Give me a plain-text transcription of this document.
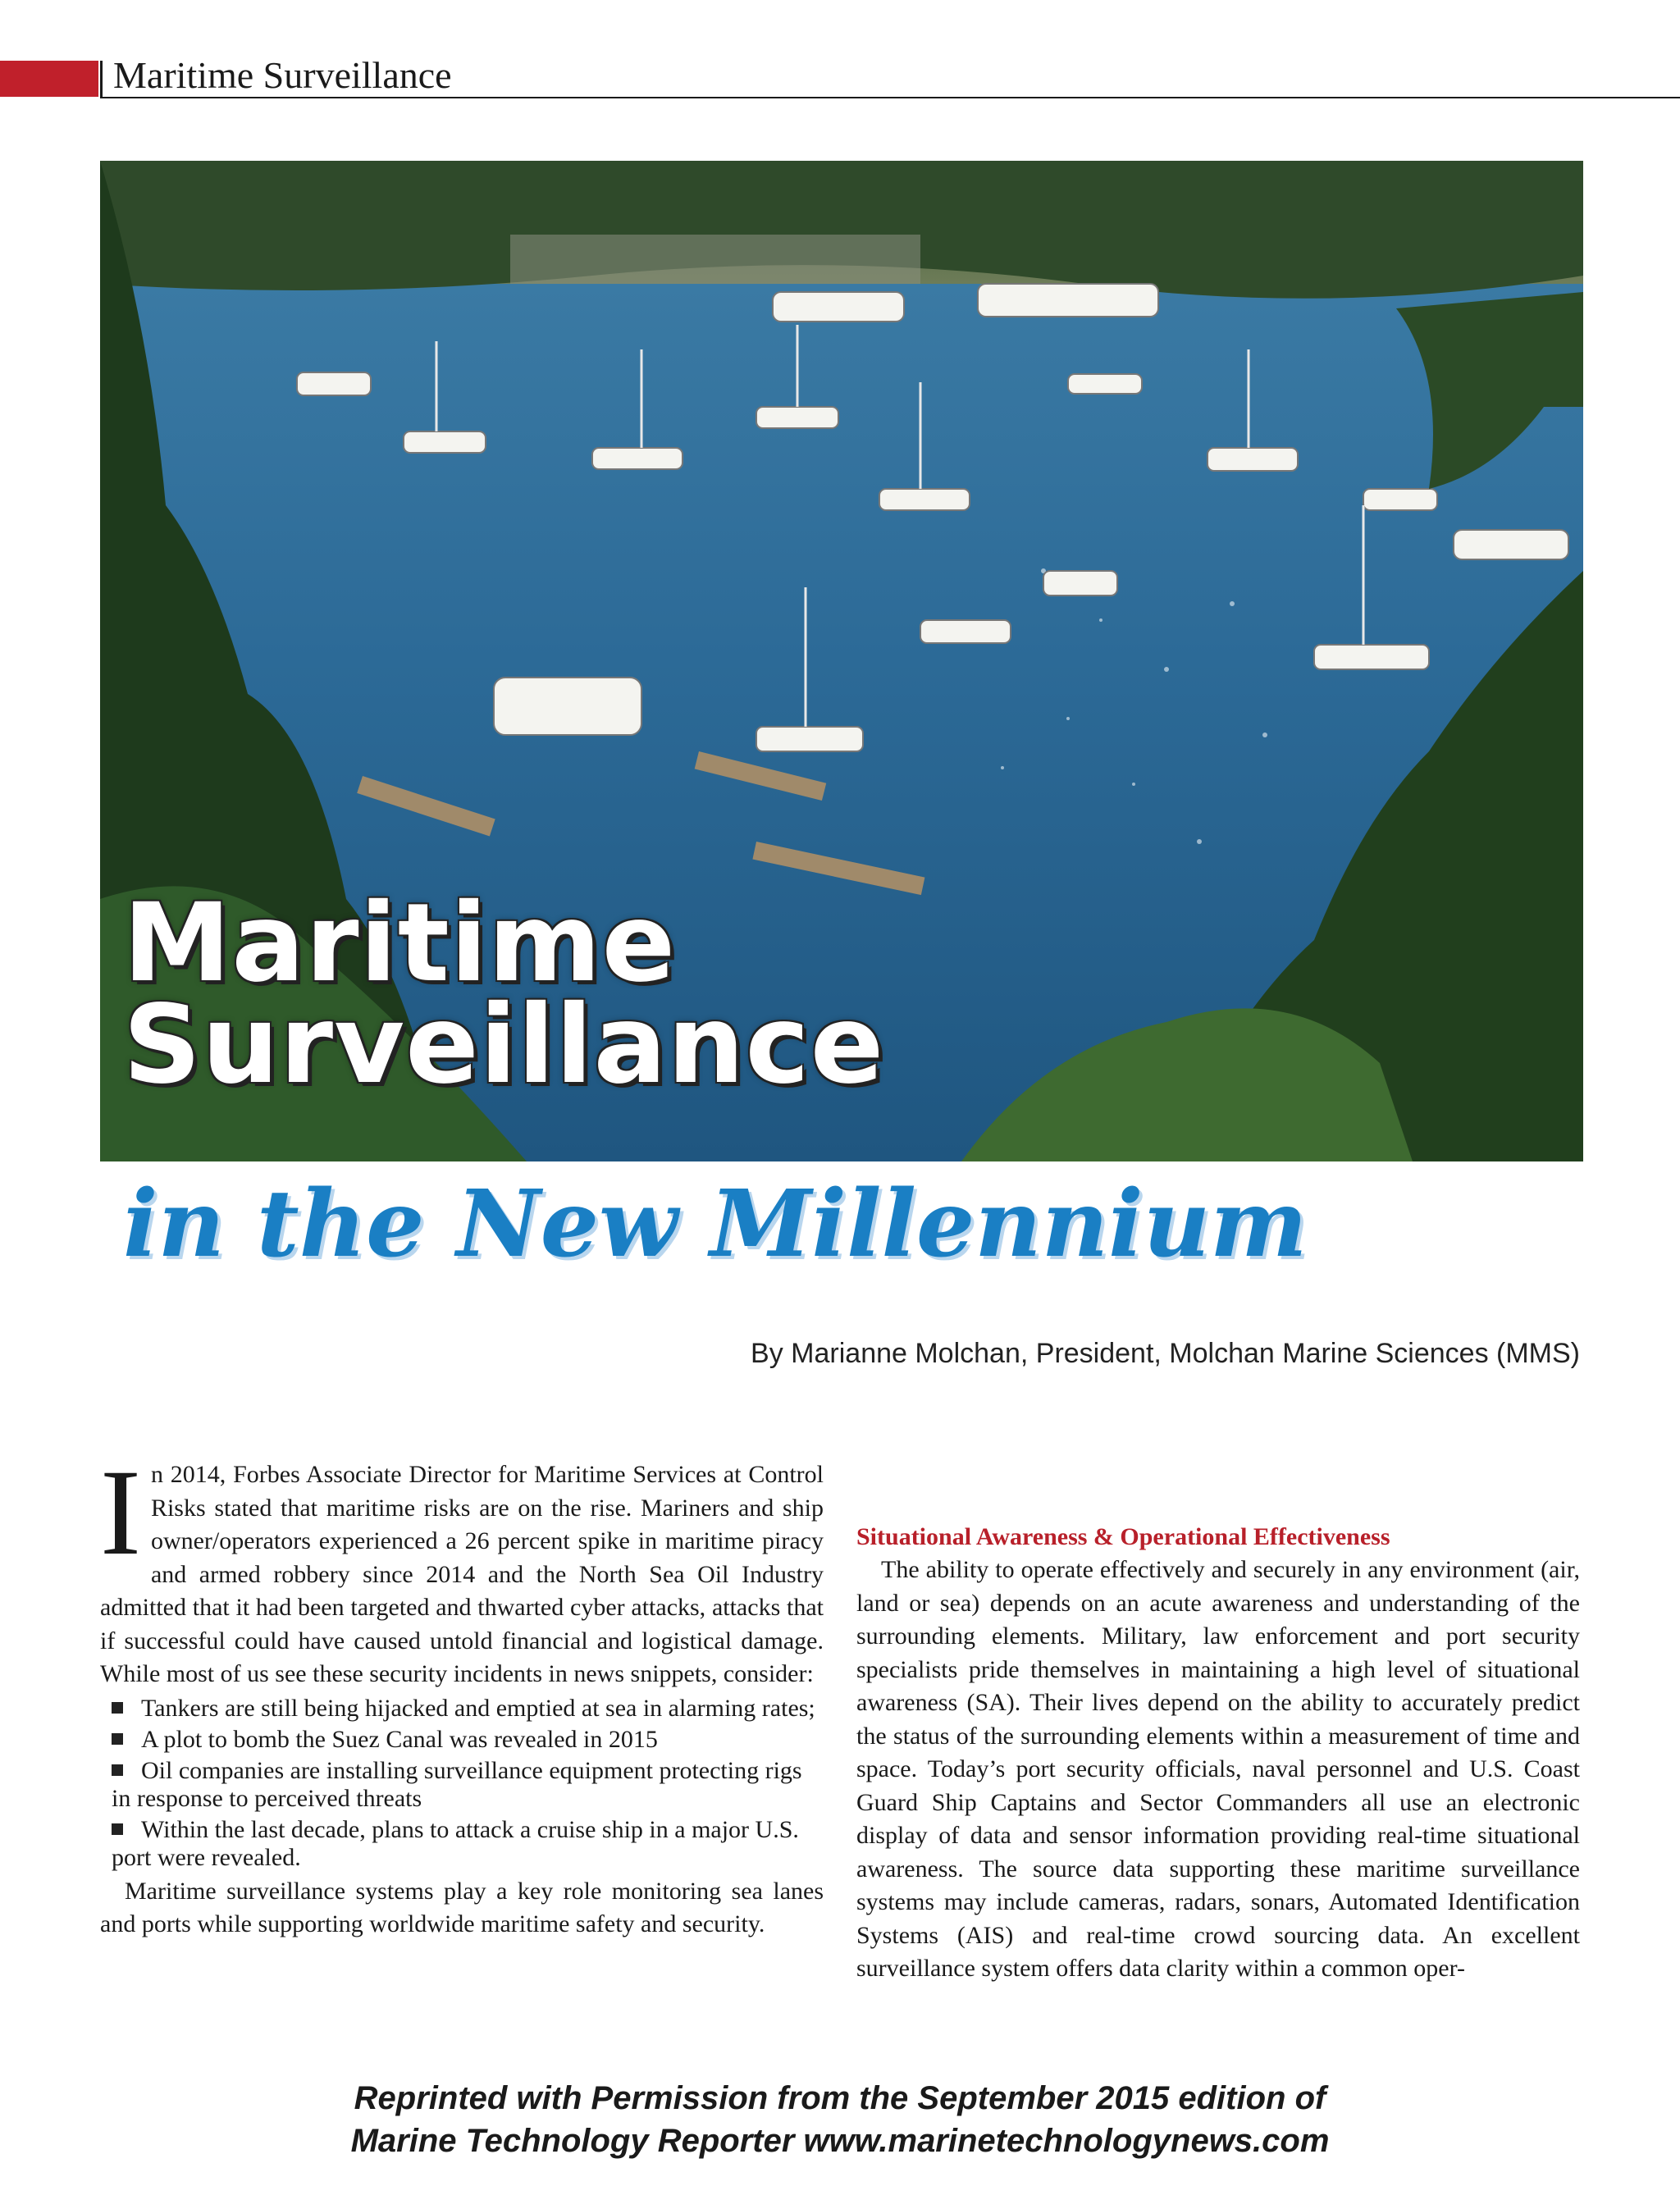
Maritime Surveillance
Maritime
Surveillance
in the New Millennium
By Marianne Molchan, President, Molchan Marine Sciences (MMS)
I n 2014, Forbes Associate Director for Maritime Services at Control Risks stated that maritime risks are on the rise. Mariners and ship owner/operators experienced a 26 percent spike in maritime piracy and armed robbery since 2014 and the North Sea Oil Industry admitted that it had been targeted and thwarted cyber attacks, attacks that if successful could have caused untold financial and logistical damage. While most of us see these security incidents in news snippets, consider:

Tankers are still being hijacked and emptied at sea in alarming rates;
A plot to bomb the Suez Canal was revealed in 2015
Oil companies are installing surveillance equipment protecting rigs in response to perceived threats
Within the last decade, plans to attack a cruise ship in a major U.S. port were revealed.

Maritime surveillance systems play a key role monitoring sea lanes and ports while supporting worldwide maritime safety and security.

Situational Awareness & Operational Effectiveness

The ability to operate effectively and securely in any environment (air, land or sea) depends on an acute awareness and understanding of the surrounding elements. Military, law enforcement and port security specialists pride themselves in maintaining a high level of situational awareness (SA). Their lives depend on the ability to accurately predict the status of the surrounding elements within a measurement of time and space. Today’s port security officials, naval personnel and U.S. Coast Guard Ship Captains and Sector Commanders all use an electronic display of data and sensor information providing real-time situational awareness. The source data supporting these maritime surveillance systems may include cameras, radars, sonars, Automated Identification Systems (AIS) and real-time crowd sourcing data. An excellent surveillance system offers data clarity within a common oper-

Reprinted with Permission from the September 2015 edition of
Marine Technology Reporter www.marinetechnologynews.com
